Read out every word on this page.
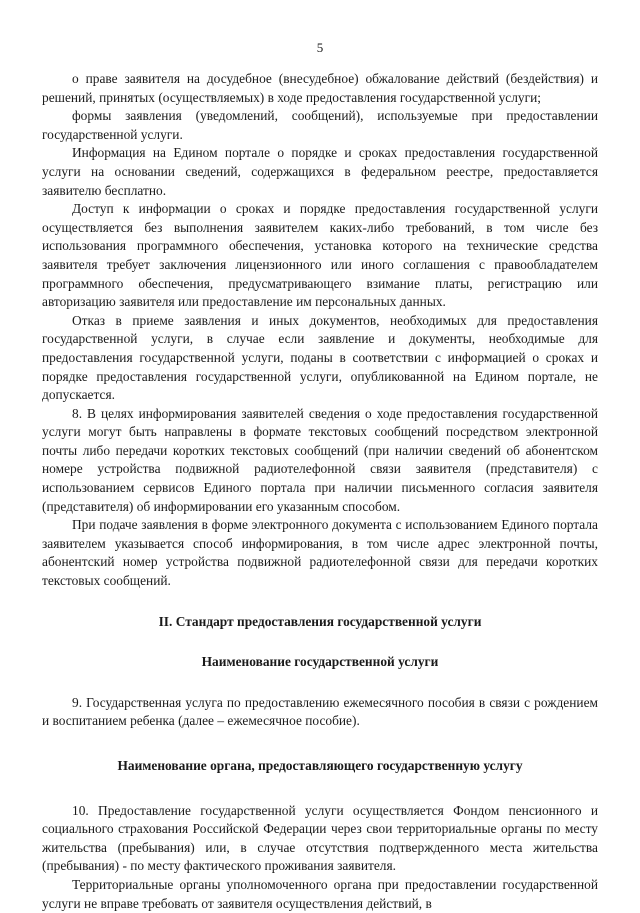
5

о праве заявителя на досудебное (внесудебное) обжалование действий (бездействия) и решений, принятых (осуществляемых) в ходе предоставления государственной услуги;

формы заявления (уведомлений, сообщений), используемые при предоставлении государственной услуги.

Информация на Едином портале о порядке и сроках предоставления государственной услуги на основании сведений, содержащихся в федеральном реестре, предоставляется заявителю бесплатно.

Доступ к информации о сроках и порядке предоставления государственной услуги осуществляется без выполнения заявителем каких-либо требований, в том числе без использования программного обеспечения, установка которого на технические средства заявителя требует заключения лицензионного или иного соглашения с правообладателем программного обеспечения, предусматривающего взимание платы, регистрацию или авторизацию заявителя или предоставление им персональных данных.

Отказ в приеме заявления и иных документов, необходимых для предоставления государственной услуги, в случае если заявление и документы, необходимые для предоставления государственной услуги, поданы в соответствии с информацией о сроках и порядке предоставления государственной услуги, опубликованной на Едином портале, не допускается.

8. В целях информирования заявителей сведения о ходе предоставления государственной услуги могут быть направлены в формате текстовых сообщений посредством электронной почты либо передачи коротких текстовых сообщений (при наличии сведений об абонентском номере устройства подвижной радиотелефонной связи заявителя (представителя) с использованием сервисов Единого портала при наличии письменного согласия заявителя (представителя) об информировании его указанным способом.

При подаче заявления в форме электронного документа с использованием Единого портала заявителем указывается способ информирования, в том числе адрес электронной почты, абонентский номер устройства подвижной радиотелефонной связи для передачи коротких текстовых сообщений.

II. Стандарт предоставления государственной услуги
Наименование государственной услуги

9. Государственная услуга по предоставлению ежемесячного пособия в связи с рождением и воспитанием ребенка (далее – ежемесячное пособие).

Наименование органа, предоставляющего государственную услугу

10. Предоставление государственной услуги осуществляется Фондом пенсионного и социального страхования Российской Федерации через свои территориальные органы по месту жительства (пребывания) или, в случае отсутствия подтвержденного места жительства (пребывания) - по месту фактического проживания заявителя.

Территориальные органы уполномоченного органа при предоставлении государственной услуги не вправе требовать от заявителя осуществления действий, в
